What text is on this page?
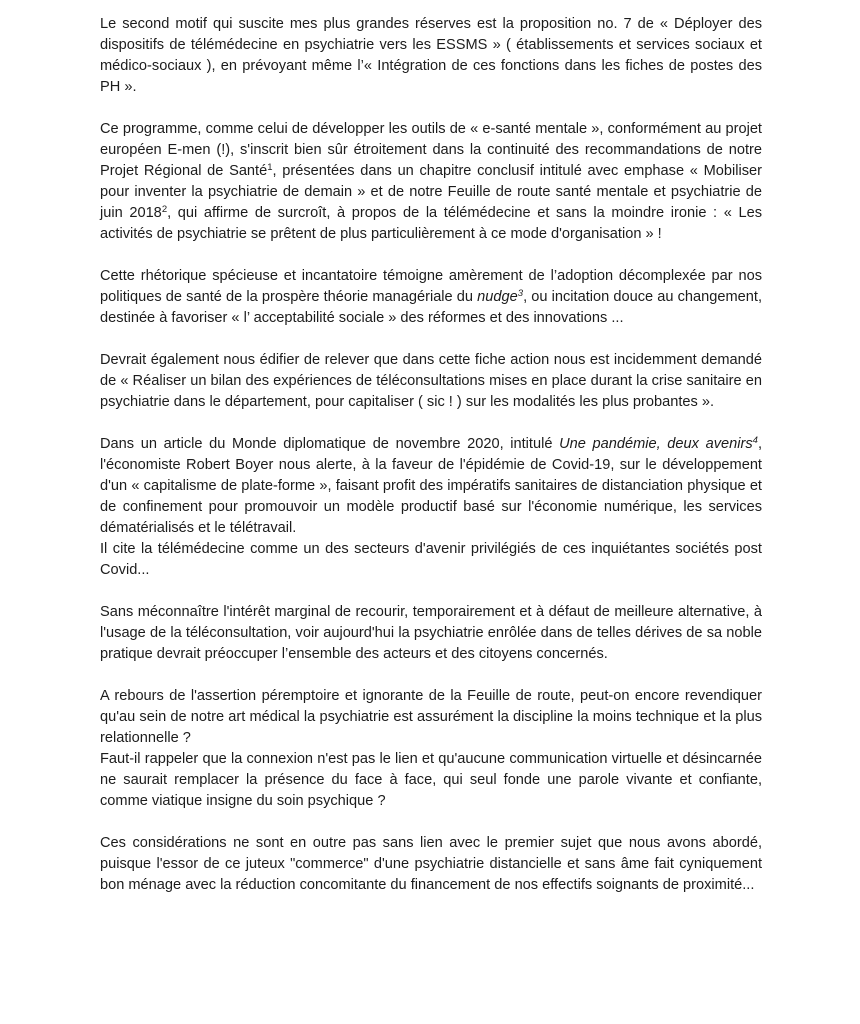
Le second motif qui suscite mes plus grandes réserves est la proposition no. 7 de « Déployer des dispositifs de télémédecine en psychiatrie vers les ESSMS » ( établissements et services sociaux et médico-sociaux ), en prévoyant même l’« Intégration de ces fonctions dans les fiches de postes des PH ».

Ce programme, comme celui de développer les outils de « e-santé mentale », conformément au projet européen E-men (!), s'inscrit bien sûr étroitement dans la continuité des recommandations de notre Projet Régional de Santé$^1$, présentées dans un chapitre conclusif intitulé avec emphase « Mobiliser pour inventer la psychiatrie de demain » et de notre Feuille de route santé mentale et psychiatrie de juin 2018$^2$, qui affirme de surcroît, à propos de la télémédecine et sans la moindre ironie : « Les activités de psychiatrie se prêtent de plus particulièrement à ce mode d'organisation » !

Cette rhétorique spécieuse et incantatoire témoigne amèrement de l’adoption décomplexée par nos politiques de santé de la prospère théorie managériale du nudge$^3$, ou incitation douce au changement, destinée à favoriser « l’ acceptabilité sociale » des réformes et des innovations ...

Devrait également nous édifier de relever que dans cette fiche action nous est incidemment demandé de « Réaliser un bilan des expériences de téléconsultations mises en place durant la crise sanitaire en psychiatrie dans le département, pour capitaliser ( sic ! ) sur les modalités les plus probantes ».

Dans un article du Monde diplomatique de novembre 2020, intitulé Une pandémie, deux avenirs$^4$, l'économiste Robert Boyer nous alerte, à la faveur de l'épidémie de Covid-19, sur le développement d'un « capitalisme de plate-forme », faisant profit des impératifs sanitaires de distanciation physique et de confinement pour promouvoir un modèle productif basé sur l'économie numérique, les services dématérialisés et le télétravail.

Il cite la télémédecine comme un des secteurs d'avenir privilégiés de ces inquiétantes sociétés post Covid...

Sans méconnaître l'intérêt marginal de recourir, temporairement et à défaut de meilleure alternative, à l'usage de la téléconsultation, voir aujourd'hui la psychiatrie enrôlée dans de telles dérives de sa noble pratique devrait préoccuper l’ensemble des acteurs et des citoyens concernés.

A rebours de l'assertion péremptoire et ignorante de la Feuille de route, peut-on encore revendiquer qu'au sein de notre art médical la psychiatrie est assurément la discipline la moins technique et la plus relationnelle ?

Faut-il rappeler que la connexion n'est pas le lien et qu'aucune communication virtuelle et désincarnée ne saurait remplacer la présence du face à face, qui seul fonde une parole vivante et confiante, comme viatique insigne du soin psychique ?

Ces considérations ne sont en outre pas sans lien avec le premier sujet que nous avons abordé, puisque l'essor de ce juteux "commerce" d'une psychiatrie distancielle et sans âme fait cyniquement bon ménage avec la réduction concomitante du financement de nos effectifs soignants de proximité...
